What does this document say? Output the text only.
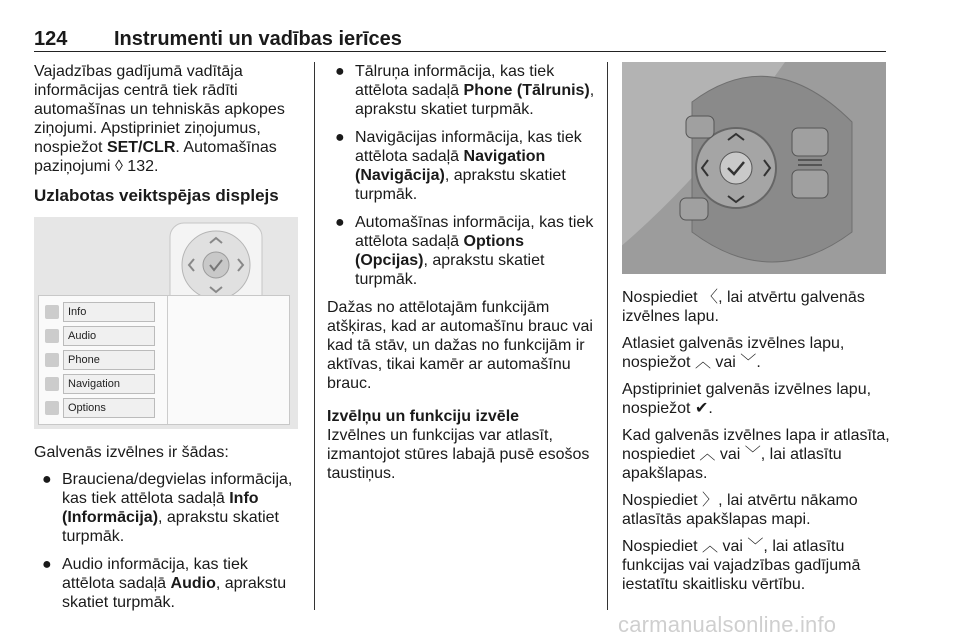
124 Instrumenti un vadības ierīces

Vajadzības gadījumā vadītāja informācijas centrā tiek rādīti automašīnas un tehniskās apkopes ziņojumi. Apstipriniet ziņojumus, nospiežot SET/CLR. Automašīnas paziņojumi ◊ 132.

Uzlabotas veiktspējas displejs
Info
Audio
Phone
Navigation
Options

Galvenās izvēlnes ir šādas:

● Brauciena/degvielas informācija, kas tiek attēlota sadaļā Info (Informācija), aprakstu skatiet turpmāk.
● Audio informācija, kas tiek attēlota sadaļā Audio, aprakstu skatiet turpmāk.
● Tālruņa informācija, kas tiek attēlota sadaļā Phone (Tālrunis), aprakstu skatiet turpmāk.
● Navigācijas informācija, kas tiek attēlota sadaļā Navigation (Navigācija), aprakstu skatiet turpmāk.
● Automašīnas informācija, kas tiek attēlota sadaļā Options (Opcijas), aprakstu skatiet turpmāk.

Dažas no attēlotajām funkcijām atšķiras, kad ar automašīnu brauc vai kad tā stāv, un dažas no funkcijām ir aktīvas, tikai kamēr ar automašīnu brauc.

Izvēlņu un funkciju izvēle

Izvēlnes un funkcijas var atlasīt, izmantojot stūres labajā pusē esošos taustiņus.

Nospiediet 〈, lai atvērtu galvenās izvēlnes lapu.

Atlasiet galvenās izvēlnes lapu, nospiežot ︿ vai ﹀.

Apstipriniet galvenās izvēlnes lapu, nospiežot ✔.

Kad galvenās izvēlnes lapa ir atlasīta, nospiediet ︿ vai ﹀, lai atlasītu apakšlapas.

Nospiediet 〉, lai atvērtu nākamo atlasītās apakšlapas mapi.

Nospiediet ︿ vai ﹀, lai atlasītu funkcijas vai vajadzības gadījumā iestatītu skaitlisku vērtību.

carmanualsonline.info
